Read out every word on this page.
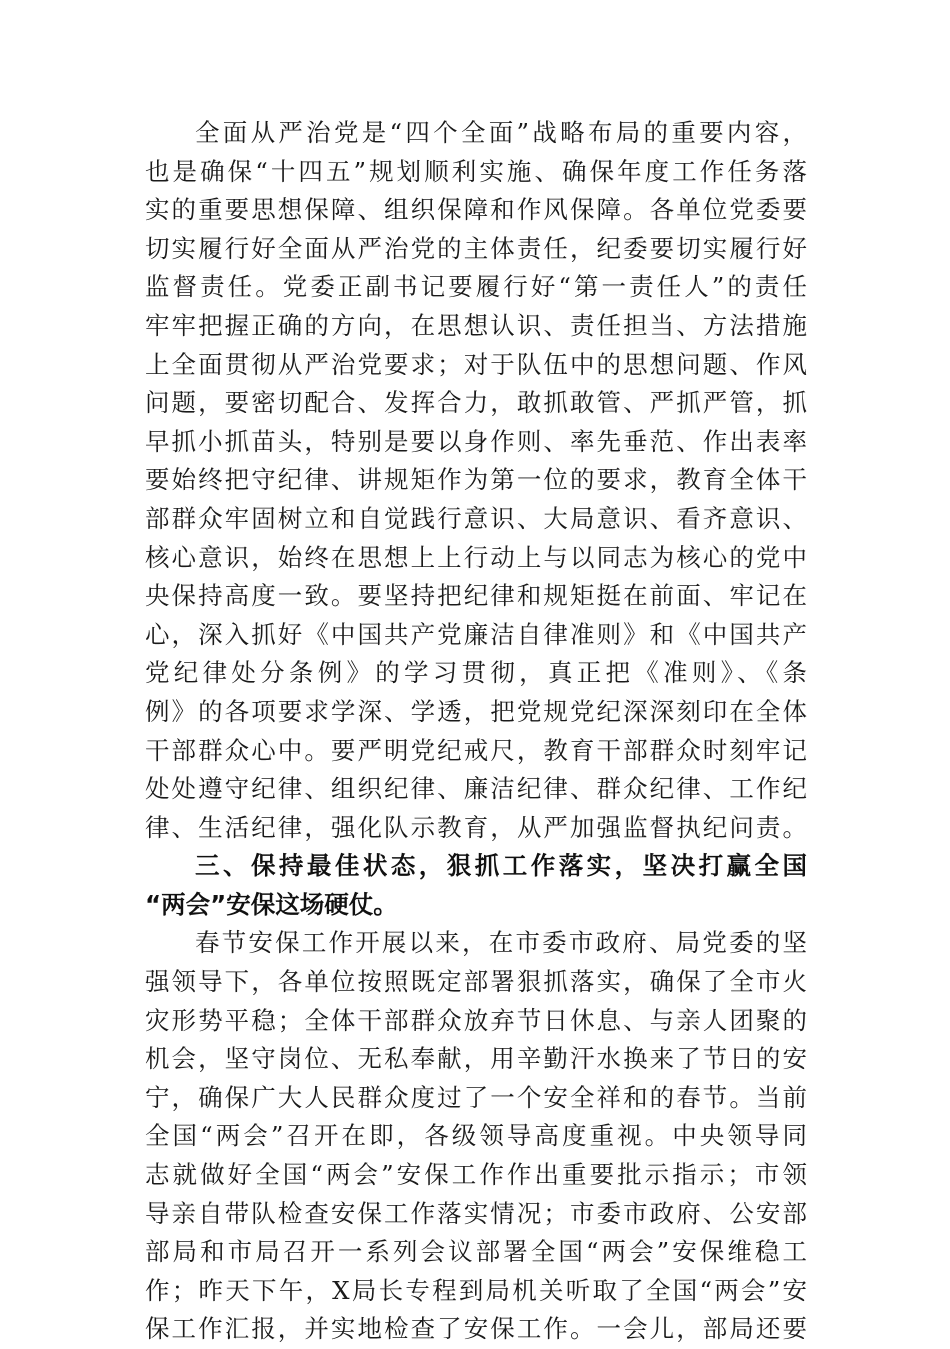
全面从严治党是“四个全面”战略布局的重要内容，
也是确保“十四五”规划顺利实施、确保年度工作任务落
实的重要思想保障、组织保障和作风保障。各单位党委要
切实履行好全面从严治党的主体责任，纪委要切实履行好
监督责任。党委正副书记要履行好“第一责任人”的责任
牢牢把握正确的方向，在思想认识、责任担当、方法措施
上全面贯彻从严治党要求；对于队伍中的思想问题、作风
问题，要密切配合、发挥合力，敢抓敢管、严抓严管，抓
早抓小抓苗头，特别是要以身作则、率先垂范、作出表率
要始终把守纪律、讲规矩作为第一位的要求，教育全体干
部群众牢固树立和自觉践行意识、大局意识、看齐意识、
核心意识，始终在思想上上行动上与以同志为核心的党中
央保持高度一致。要坚持把纪律和规矩挺在前面、牢记在
心，深入抓好《中国共产党廉洁自律准则》和《中国共产
党纪律处分条例》的学习贯彻，真正把《准则》、《条
例》的各项要求学深、学透，把党规党纪深深刻印在全体
干部群众心中。要严明党纪戒尺，教育干部群众时刻牢记
处处遵守纪律、组织纪律、廉洁纪律、群众纪律、工作纪
律、生活纪律，强化队示教育，从严加强监督执纪问责。
三、保持最佳状态，狠抓工作落实，坚决打赢全国
“两会”安保这场硬仗。
春节安保工作开展以来，在市委市政府、局党委的坚
强领导下，各单位按照既定部署狠抓落实，确保了全市火
灾形势平稳；全体干部群众放弃节日休息、与亲人团聚的
机会，坚守岗位、无私奉献，用辛勤汗水换来了节日的安
宁，确保广大人民群众度过了一个安全祥和的春节。当前
全国“两会”召开在即，各级领导高度重视。中央领导同
志就做好全国“两会”安保工作作出重要批示指示；市领
导亲自带队检查安保工作落实情况；市委市政府、公安部
部局和市局召开一系列会议部署全国“两会”安保维稳工
作；昨天下午，X局长专程到局机关听取了全国“两会”安
保工作汇报，并实地检查了安保工作。一会儿，部局还要
